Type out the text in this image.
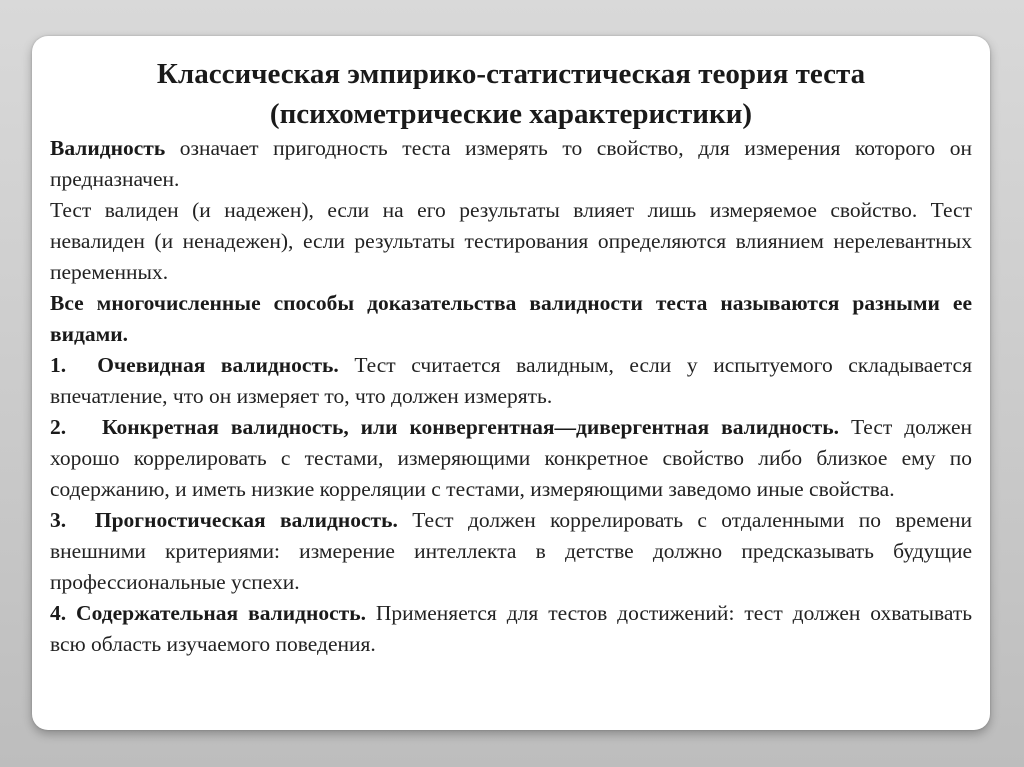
Классическая эмпирико-статистическая теория теста
(психометрические характеристики)

Валидность означает пригодность теста измерять то свойство, для измерения которого он предназначен.

Тест валиден (и надежен), если на его результаты влияет лишь измеряемое свойство. Тест невалиден (и ненадежен), если результаты тестирования определяются влиянием нерелевантных переменных.

Все многочисленные способы доказательства валидности теста называются разными ее видами.

1. Очевидная валидность. Тест считается валидным, если у испытуемого складывается впечатление, что он измеряет то, что должен измерять.

2. Конкретная валидность, или конвергентная—дивергентная валидность. Тест должен хорошо коррелировать с тестами, измеряющими конкретное свойство либо близкое ему по содержанию, и иметь низкие корреляции с тестами, измеряющими заведомо иные свойства.

3. Прогностическая валидность. Тест должен коррелировать с отдаленными по времени внешними критериями: измерение интеллекта в детстве должно предсказывать будущие профессиональные успехи.

4. Содержательная валидность. Применяется для тестов достижений: тест должен охватывать всю область изучаемого поведения.
